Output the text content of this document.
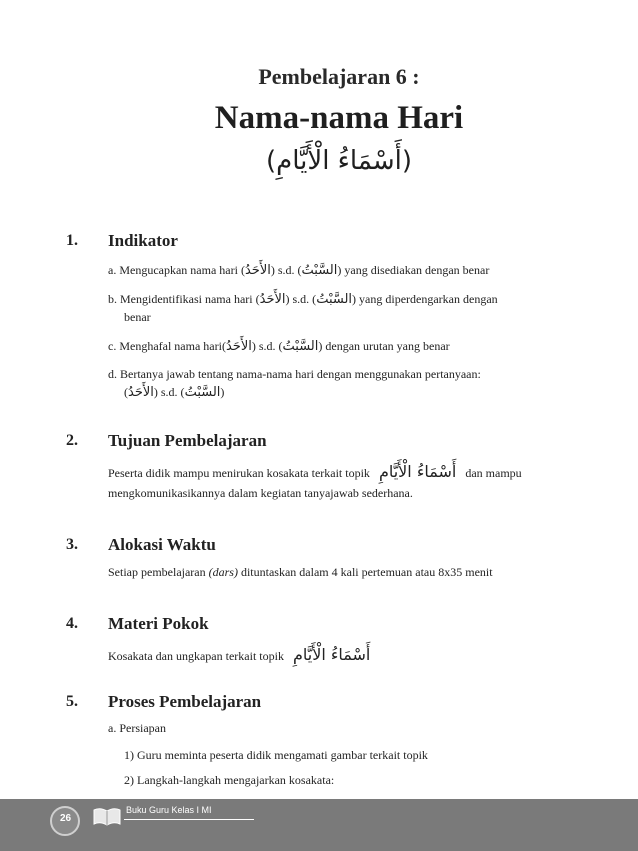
Pembelajaran 6 :
Nama-nama Hari
(أَسْمَاءُ الْأَيَّامِ)
1. Indikator
a. Mengucapkan nama hari (الأَحَدُ) s.d. (السَّبْتُ) yang disediakan dengan benar
b. Mengidentifikasi nama hari (الأَحَدُ) s.d. (السَّبْتُ) yang diperdengarkan dengan
benar
c. Menghafal nama hari(الأَحَدُ) s.d. (السَّبْتُ) dengan urutan yang benar
d. Bertanya jawab tentang nama-nama hari dengan menggunakan pertanyaan:
(الأَحَدُ) s.d. (السَّبْتُ)
2. Tujuan Pembelajaran
Peserta didik mampu menirukan kosakata terkait topik أَسْمَاءُ الْأَيَّامِ dan mampu
mengkomunikasikannya dalam kegiatan tanyajawab sederhana.
3. Alokasi Waktu
Setiap pembelajaran (dars) dituntaskan dalam 4 kali pertemuan atau 8x35 menit
4. Materi Pokok
Kosakata dan ungkapan terkait topik أَسْمَاءُ الْأَيَّامِ
5. Proses Pembelajaran
a. Persiapan
1) Guru meminta peserta didik mengamati gambar terkait topik
2) Langkah-langkah mengajarkan kosakata:
26
Buku Guru Kelas I MI
